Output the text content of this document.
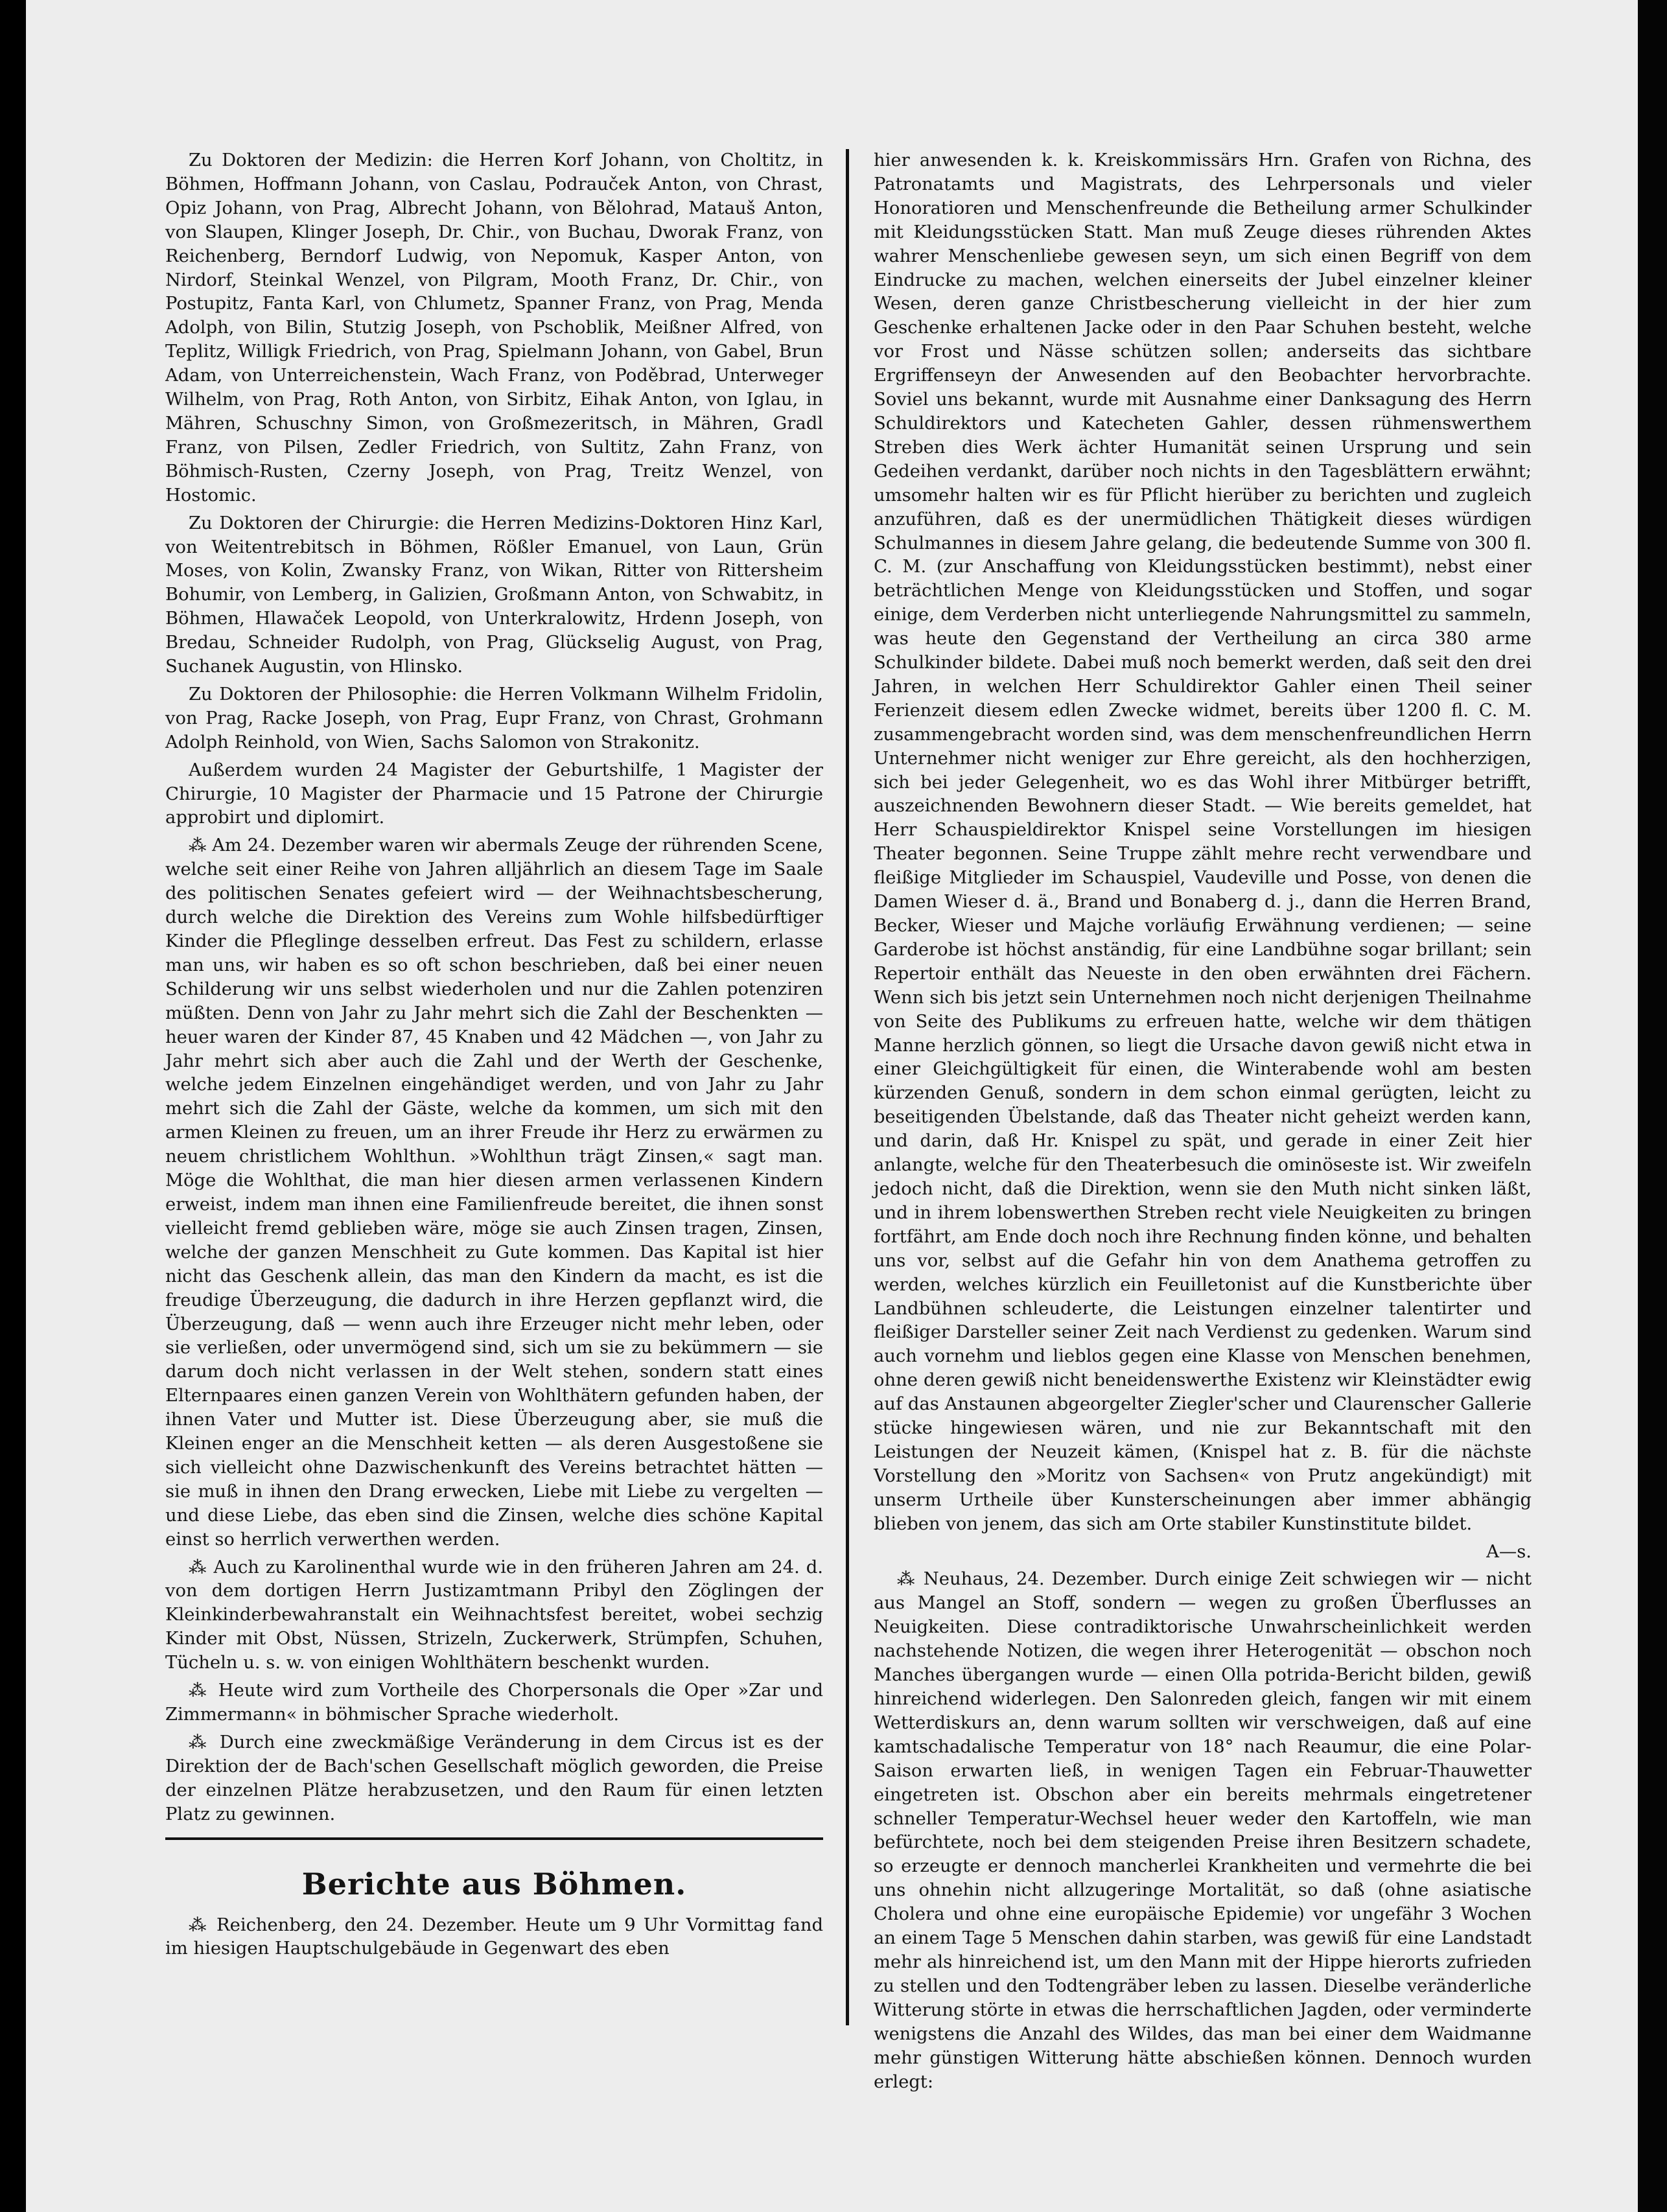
Zu Doktoren der Medizin: die Herren Korf Johann, von Choltitz, in Böhmen, Hoffmann Johann, von Caslau, Podrauček Anton, von Chrast, Opiz Johann, von Prag, Albrecht Johann, von Bělohrad, Matauš Anton, von Slaupen, Klinger Joseph, Dr. Chir., von Buchau, Dworak Franz, von Reichenberg, Berndorf Ludwig, von Nepomuk, Kasper Anton, von Nirdorf, Steinkal Wenzel, von Pilgram, Mooth Franz, Dr. Chir., von Postupitz, Fanta Karl, von Chlumetz, Spanner Franz, von Prag, Menda Adolph, von Bilin, Stutzig Joseph, von Pschoblik, Meißner Alfred, von Teplitz, Willigk Friedrich, von Prag, Spielmann Johann, von Gabel, Brun Adam, von Unterreichenstein, Wach Franz, von Poděbrad, Unterweger Wilhelm, von Prag, Roth Anton, von Sirbitz, Eihak Anton, von Iglau, in Mähren, Schuschny Simon, von Großmezeritsch, in Mähren, Gradl Franz, von Pilsen, Zedler Friedrich, von Sultitz, Zahn Franz, von Böhmisch-Rusten, Czerny Joseph, von Prag, Treitz Wenzel, von Hostomic.

Zu Doktoren der Chirurgie: die Herren Medizins-Doktoren Hinz Karl, von Weitentrebitsch in Böhmen, Rößler Emanuel, von Laun, Grün Moses, von Kolin, Zwansky Franz, von Wikan, Ritter von Rittersheim Bohumir, von Lemberg, in Galizien, Großmann Anton, von Schwabitz, in Böhmen, Hlawaček Leopold, von Unterkralowitz, Hrdenn Joseph, von Bredau, Schneider Rudolph, von Prag, Glückselig August, von Prag, Suchanek Augustin, von Hlinsko.

Zu Doktoren der Philosophie: die Herren Volkmann Wilhelm Fridolin, von Prag, Racke Joseph, von Prag, Eupr Franz, von Chrast, Grohmann Adolph Reinhold, von Wien, Sachs Salomon von Strakonitz.

Außerdem wurden 24 Magister der Geburtshilfe, 1 Magister der Chirurgie, 10 Magister der Pharmacie und 15 Patrone der Chirurgie approbirt und diplomirt.

⁂ Am 24. Dezember waren wir abermals Zeuge der rührenden Scene, welche seit einer Reihe von Jahren alljährlich an diesem Tage im Saale des politischen Senates gefeiert wird — der Weihnachtsbescherung, durch welche die Direktion des Vereins zum Wohle hilfsbedürftiger Kinder die Pfleglinge desselben erfreut. Das Fest zu schildern, erlasse man uns, wir haben es so oft schon beschrieben, daß bei einer neuen Schilderung wir uns selbst wiederholen und nur die Zahlen potenziren müßten. Denn von Jahr zu Jahr mehrt sich die Zahl der Beschenkten — heuer waren der Kinder 87, 45 Knaben und 42 Mädchen —, von Jahr zu Jahr mehrt sich aber auch die Zahl und der Werth der Geschenke, welche jedem Einzelnen eingehändiget werden, und von Jahr zu Jahr mehrt sich die Zahl der Gäste, welche da kommen, um sich mit den armen Kleinen zu freuen, um an ihrer Freude ihr Herz zu erwärmen zu neuem christlichem Wohlthun. »Wohlthun trägt Zinsen,« sagt man. Möge die Wohlthat, die man hier diesen armen verlassenen Kindern erweist, indem man ihnen eine Familienfreude bereitet, die ihnen sonst vielleicht fremd geblieben wäre, möge sie auch Zinsen tragen, Zinsen, welche der ganzen Menschheit zu Gute kommen. Das Kapital ist hier nicht das Geschenk allein, das man den Kindern da macht, es ist die freudige Überzeugung, die dadurch in ihre Herzen gepflanzt wird, die Überzeugung, daß — wenn auch ihre Erzeuger nicht mehr leben, oder sie verließen, oder unvermögend sind, sich um sie zu bekümmern — sie darum doch nicht verlassen in der Welt stehen, sondern statt eines Elternpaares einen ganzen Verein von Wohlthätern gefunden haben, der ihnen Vater und Mutter ist. Diese Überzeugung aber, sie muß die Kleinen enger an die Menschheit ketten — als deren Ausgestoßene sie sich vielleicht ohne Dazwischenkunft des Vereins betrachtet hätten — sie muß in ihnen den Drang erwecken, Liebe mit Liebe zu vergelten — und diese Liebe, das eben sind die Zinsen, welche dies schöne Kapital einst so herrlich verwerthen werden.

⁂ Auch zu Karolinenthal wurde wie in den früheren Jahren am 24. d. von dem dortigen Herrn Justizamtmann Pribyl den Zöglingen der Kleinkinderbewahranstalt ein Weihnachtsfest bereitet, wobei sechzig Kinder mit Obst, Nüssen, Strizeln, Zuckerwerk, Strümpfen, Schuhen, Tücheln u. s. w. von einigen Wohlthätern beschenkt wurden.

⁂ Heute wird zum Vortheile des Chorpersonals die Oper »Zar und Zimmermann« in böhmischer Sprache wiederholt.

⁂ Durch eine zweckmäßige Veränderung in dem Circus ist es der Direktion der de Bach'schen Gesellschaft möglich geworden, die Preise der einzelnen Plätze herabzusetzen, und den Raum für einen letzten Platz zu gewinnen.

Berichte aus Böhmen.

⁂ Reichenberg, den 24. Dezember. Heute um 9 Uhr Vormittag fand im hiesigen Hauptschulgebäude in Gegenwart des eben

hier anwesenden k. k. Kreiskommissärs Hrn. Grafen von Richna, des Patronatamts und Magistrats, des Lehrpersonals und vieler Honoratioren und Menschenfreunde die Betheilung armer Schulkinder mit Kleidungsstücken Statt. Man muß Zeuge dieses rührenden Aktes wahrer Menschenliebe gewesen seyn, um sich einen Begriff von dem Eindrucke zu machen, welchen einerseits der Jubel einzelner kleiner Wesen, deren ganze Christbescherung vielleicht in der hier zum Geschenke erhaltenen Jacke oder in den Paar Schuhen besteht, welche vor Frost und Nässe schützen sollen; anderseits das sichtbare Ergriffenseyn der Anwesenden auf den Beobachter hervorbrachte. Soviel uns bekannt, wurde mit Ausnahme einer Danksagung des Herrn Schuldirektors und Katecheten Gahler, dessen rühmenswerthem Streben dies Werk ächter Humanität seinen Ursprung und sein Gedeihen verdankt, darüber noch nichts in den Tagesblättern erwähnt; umsomehr halten wir es für Pflicht hierüber zu berichten und zugleich anzuführen, daß es der unermüdlichen Thätigkeit dieses würdigen Schulmannes in diesem Jahre gelang, die bedeutende Summe von 300 fl. C. M. (zur Anschaffung von Kleidungsstücken bestimmt), nebst einer beträchtlichen Menge von Kleidungsstücken und Stoffen, und sogar einige, dem Verderben nicht unterliegende Nahrungsmittel zu sammeln, was heute den Gegenstand der Vertheilung an circa 380 arme Schulkinder bildete. Dabei muß noch bemerkt werden, daß seit den drei Jahren, in welchen Herr Schuldirektor Gahler einen Theil seiner Ferienzeit diesem edlen Zwecke widmet, bereits über 1200 fl. C. M. zusammengebracht worden sind, was dem menschenfreundlichen Herrn Unternehmer nicht weniger zur Ehre gereicht, als den hochherzigen, sich bei jeder Gelegenheit, wo es das Wohl ihrer Mitbürger betrifft, auszeichnenden Bewohnern dieser Stadt. — Wie bereits gemeldet, hat Herr Schauspieldirektor Knispel seine Vorstellungen im hiesigen Theater begonnen. Seine Truppe zählt mehre recht verwendbare und fleißige Mitglieder im Schauspiel, Vaudeville und Posse, von denen die Damen Wieser d. ä., Brand und Bonaberg d. j., dann die Herren Brand, Becker, Wieser und Majche vorläufig Erwähnung verdienen; — seine Garderobe ist höchst anständig, für eine Landbühne sogar brillant; sein Repertoir enthält das Neueste in den oben erwähnten drei Fächern. Wenn sich bis jetzt sein Unternehmen noch nicht derjenigen Theilnahme von Seite des Publikums zu erfreuen hatte, welche wir dem thätigen Manne herzlich gönnen, so liegt die Ursache davon gewiß nicht etwa in einer Gleichgültigkeit für einen, die Winterabende wohl am besten kürzenden Genuß, sondern in dem schon einmal gerügten, leicht zu beseitigenden Übelstande, daß das Theater nicht geheizt werden kann, und darin, daß Hr. Knispel zu spät, und gerade in einer Zeit hier anlangte, welche für den Theaterbesuch die ominöseste ist. Wir zweifeln jedoch nicht, daß die Direktion, wenn sie den Muth nicht sinken läßt, und in ihrem lobenswerthen Streben recht viele Neuigkeiten zu bringen fortfährt, am Ende doch noch ihre Rechnung finden könne, und behalten uns vor, selbst auf die Gefahr hin von dem Anathema getroffen zu werden, welches kürzlich ein Feuilletonist auf die Kunstberichte über Landbühnen schleuderte, die Leistungen einzelner talentirter und fleißiger Darsteller seiner Zeit nach Verdienst zu gedenken. Warum sind auch vornehm und lieblos gegen eine Klasse von Menschen benehmen, ohne deren gewiß nicht beneidenswerthe Existenz wir Kleinstädter ewig auf das Anstaunen abgeorgelter Ziegler'scher und Claurenscher Gallerie stücke hingewiesen wären, und nie zur Bekanntschaft mit den Leistungen der Neuzeit kämen, (Knispel hat z. B. für die nächste Vorstellung den »Moritz von Sachsen« von Prutz angekündigt) mit unserm Urtheile über Kunsterscheinungen aber immer abhängig blieben von jenem, das sich am Orte stabiler Kunstinstitute bildet.

A—s.

⁂ Neuhaus, 24. Dezember. Durch einige Zeit schwiegen wir — nicht aus Mangel an Stoff, sondern — wegen zu großen Überflusses an Neuigkeiten. Diese contradiktorische Unwahrscheinlichkeit werden nachstehende Notizen, die wegen ihrer Heterogenität — obschon noch Manches übergangen wurde — einen Olla potrida-Bericht bilden, gewiß hinreichend widerlegen. Den Salonreden gleich, fangen wir mit einem Wetterdiskurs an, denn warum sollten wir verschweigen, daß auf eine kamtschadalische Temperatur von 18° nach Reaumur, die eine Polar-Saison erwarten ließ, in wenigen Tagen ein Februar-Thauwetter eingetreten ist. Obschon aber ein bereits mehrmals eingetretener schneller Temperatur-Wechsel heuer weder den Kartoffeln, wie man befürchtete, noch bei dem steigenden Preise ihren Besitzern schadete, so erzeugte er dennoch mancherlei Krankheiten und vermehrte die bei uns ohnehin nicht allzugeringe Mortalität, so daß (ohne asiatische Cholera und ohne eine europäische Epidemie) vor ungefähr 3 Wochen an einem Tage 5 Menschen dahin starben, was gewiß für eine Landstadt mehr als hinreichend ist, um den Mann mit der Hippe hierorts zufrieden zu stellen und den Todtengräber leben zu lassen. Dieselbe veränderliche Witterung störte in etwas die herrschaftlichen Jagden, oder verminderte wenigstens die Anzahl des Wildes, das man bei einer dem Waidmanne mehr günstigen Witterung hätte abschießen können. Dennoch wurden erlegt:
